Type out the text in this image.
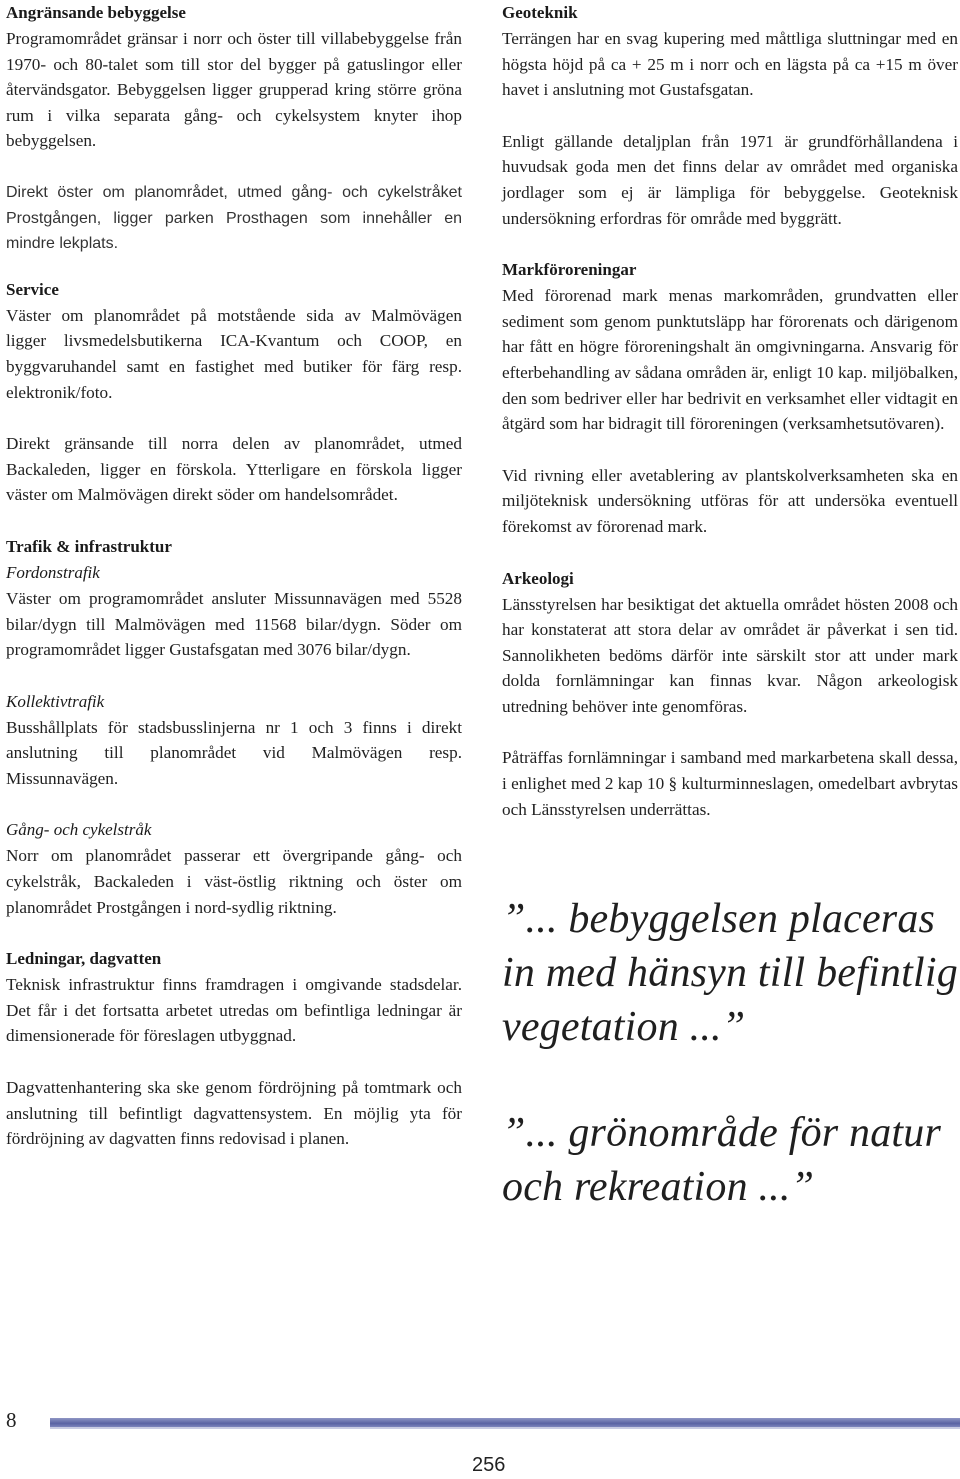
Angränsande bebyggelse

Programområdet gränsar i norr och öster till villabebyggelse från 1970- och 80-talet som till stor del bygger på gatuslingor eller återvändsgator. Bebyggelsen ligger grupperad kring större gröna rum i vilka separata gång- och cykelsystem knyter ihop bebyggelsen.

Direkt öster om planområdet, utmed gång- och cykelstråket Prostgången, ligger parken Prosthagen som innehåller en mindre lekplats.

Service

Väster om planområdet på motstående sida av Malmövägen ligger livsmedelsbutikerna ICA-Kvantum och COOP, en byggvaruhandel samt en fastighet med butiker för färg resp. elektronik/foto.

Direkt gränsande till norra delen av planområdet, utmed Backaleden, ligger en förskola. Ytterligare en förskola ligger väster om Malmövägen direkt söder om handelsområdet.

Trafik & infrastruktur

Fordonstrafik

Väster om programområdet ansluter Missunnavägen med 5528 bilar/dygn till Malmövägen med 11568 bilar/dygn. Söder om programområdet ligger Gustafsgatan med 3076 bilar/dygn.

Kollektivtrafik

Busshållplats för stadsbusslinjerna nr 1 och 3 finns i direkt anslutning till planområdet vid Malmövägen resp. Missunnavägen.

Gång- och cykelstråk

Norr om planområdet passerar ett övergripande gång- och cykelstråk, Backaleden i väst-östlig riktning och öster om planområdet Prostgången i nord-sydlig riktning.

Ledningar, dagvatten

Teknisk infrastruktur finns framdragen i omgivande stadsdelar. Det får i det fortsatta arbetet utredas om befintliga ledningar är dimensionerade för föreslagen utbyggnad.

Dagvattenhantering ska ske genom fördröjning på tomtmark och anslutning till befintligt dagvattensystem. En möjlig yta för fördröjning av dagvatten finns redovisad i planen.

Geoteknik

Terrängen har en svag kupering med måttliga sluttningar med en högsta höjd på ca + 25 m i norr och en lägsta på ca +15 m över havet i anslutning mot Gustafsgatan.

Enligt gällande detaljplan från 1971 är grundförhållandena i huvudsak goda men det finns delar av området med organiska jordlager som ej är lämpliga för bebyggelse. Geoteknisk undersökning erfordras för område med byggrätt.

Markföroreningar

Med förorenad mark menas markområden, grundvatten eller sediment som genom punktutsläpp har förorenats och därigenom har fått en högre föroreningshalt än omgivningarna. Ansvarig för efterbehandling av sådana områden är, enligt 10 kap. miljöbalken, den som bedriver eller har bedrivit en verksamhet eller vidtagit en åtgärd som har bidragit till föroreningen (verksamhetsutövaren).

Vid rivning eller avetablering av plantskolverksamheten ska en miljöteknisk undersökning utföras för att undersöka eventuell förekomst av förorenad mark.

Arkeologi

Länsstyrelsen har besiktigat det aktuella området hösten 2008 och har konstaterat att stora delar av området är påverkat i sen tid. Sannolikheten bedöms därför inte särskilt stor att under mark dolda fornlämningar kan finnas kvar. Någon arkeologisk utredning behöver inte genomföras.

Påträffas fornlämningar i samband med markarbetena skall dessa, i enlighet med 2 kap 10 § kulturminneslagen, omedelbart avbrytas och Länsstyrelsen underrättas.

”... bebyggelsen placeras in med hänsyn till befintlig vegetation ...”

”... grönområde för natur och rekreation ...”

8
256
